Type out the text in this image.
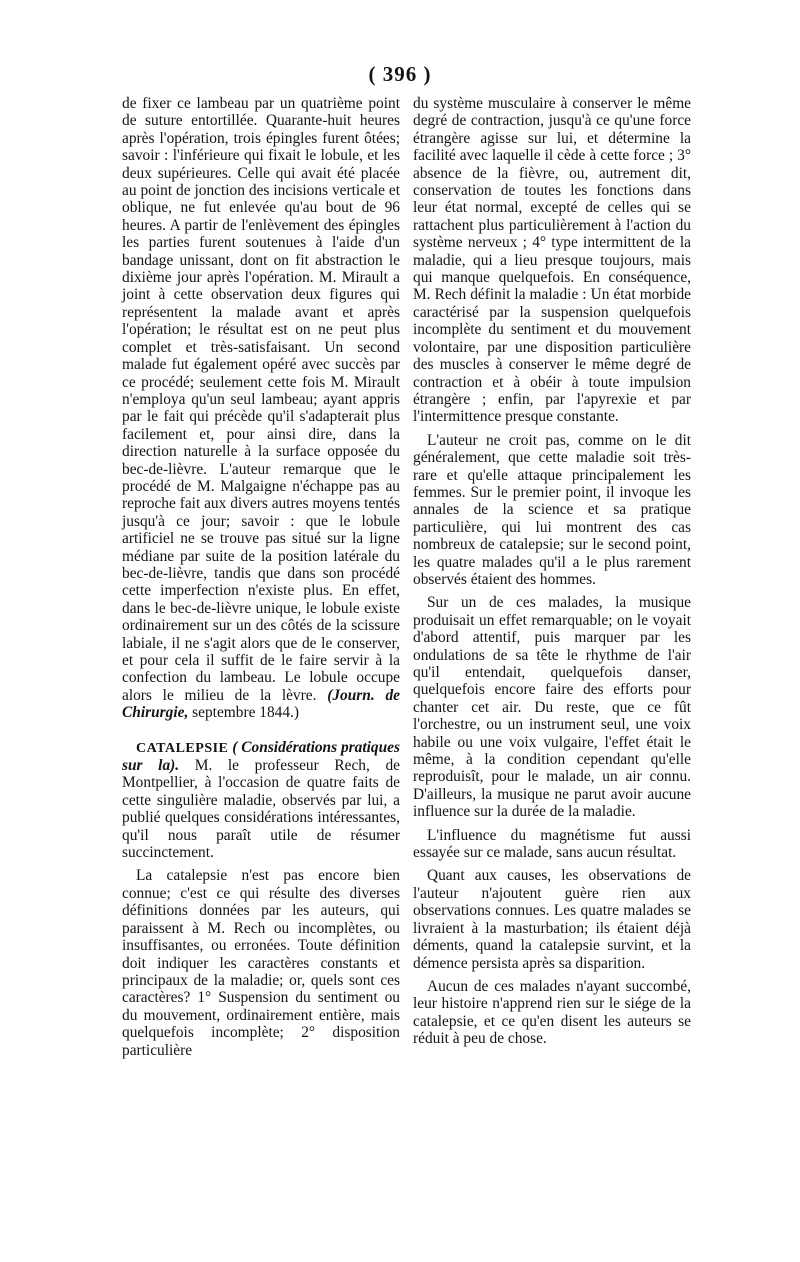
( 396 )

de fixer ce lambeau par un quatrième point de suture entortillée. Quarante-huit heures après l'opération, trois épingles furent ôtées; savoir : l'inférieure qui fixait le lobule, et les deux supérieures. Celle qui avait été placée au point de jonction des incisions verticale et oblique, ne fut enlevée qu'au bout de 96 heures. A partir de l'enlèvement des épingles les parties furent soutenues à l'aide d'un bandage unissant, dont on fit abstraction le dixième jour après l'opération. M. Mirault a joint à cette observation deux figures qui représentent la malade avant et après l'opération; le résultat est on ne peut plus complet et très-satisfaisant. Un second malade fut également opéré avec succès par ce procédé; seulement cette fois M. Mirault n'employa qu'un seul lambeau; ayant appris par le fait qui précède qu'il s'adapterait plus facilement et, pour ainsi dire, dans la direction naturelle à la surface opposée du bec-de-lièvre. L'auteur remarque que le procédé de M. Malgaigne n'échappe pas au reproche fait aux divers autres moyens tentés jusqu'à ce jour; savoir : que le lobule artificiel ne se trouve pas situé sur la ligne médiane par suite de la position latérale du bec-de-lièvre, tandis que dans son procédé cette imperfection n'existe plus. En effet, dans le bec-de-lièvre unique, le lobule existe ordinairement sur un des côtés de la scissure labiale, il ne s'agit alors que de le conserver, et pour cela il suffit de le faire servir à la confection du lambeau. Le lobule occupe alors le milieu de la lèvre. (Journ. de Chirurgie, septembre 1844.)

CATALEPSIE ( Considérations pratiques sur la). M. le professeur Rech, de Montpellier, à l'occasion de quatre faits de cette singulière maladie, observés par lui, a publié quelques considérations intéressantes, qu'il nous paraît utile de résumer succinctement.

La catalepsie n'est pas encore bien connue; c'est ce qui résulte des diverses définitions données par les auteurs, qui paraissent à M. Rech ou incomplètes, ou insuffisantes, ou erronées. Toute définition doit indiquer les caractères constants et principaux de la maladie; or, quels sont ces caractères? 1° Suspension du sentiment ou du mouvement, ordinairement entière, mais quelquefois incomplète; 2° disposition particulière

du système musculaire à conserver le même degré de contraction, jusqu'à ce qu'une force étrangère agisse sur lui, et détermine la facilité avec laquelle il cède à cette force ; 3° absence de la fièvre, ou, autrement dit, conservation de toutes les fonctions dans leur état normal, excepté de celles qui se rattachent plus particulièrement à l'action du système nerveux ; 4° type intermittent de la maladie, qui a lieu presque toujours, mais qui manque quelquefois. En conséquence, M. Rech définit la maladie : Un état morbide caractérisé par la suspension quelquefois incomplète du sentiment et du mouvement volontaire, par une disposition particulière des muscles à conserver le même degré de contraction et à obéir à toute impulsion étrangère ; enfin, par l'apyrexie et par l'intermittence presque constante.

L'auteur ne croit pas, comme on le dit généralement, que cette maladie soit très-rare et qu'elle attaque principalement les femmes. Sur le premier point, il invoque les annales de la science et sa pratique particulière, qui lui montrent des cas nombreux de catalepsie; sur le second point, les quatre malades qu'il a le plus rarement observés étaient des hommes.

Sur un de ces malades, la musique produisait un effet remarquable; on le voyait d'abord attentif, puis marquer par les ondulations de sa tête le rhythme de l'air qu'il entendait, quelquefois danser, quelquefois encore faire des efforts pour chanter cet air. Du reste, que ce fût l'orchestre, ou un instrument seul, une voix habile ou une voix vulgaire, l'effet était le même, à la condition cependant qu'elle reproduisît, pour le malade, un air connu. D'ailleurs, la musique ne parut avoir aucune influence sur la durée de la maladie.

L'influence du magnétisme fut aussi essayée sur ce malade, sans aucun résultat.

Quant aux causes, les observations de l'auteur n'ajoutent guère rien aux observations connues. Les quatre malades se livraient à la masturbation; ils étaient déjà déments, quand la catalepsie survint, et la démence persista après sa disparition.

Aucun de ces malades n'ayant succombé, leur histoire n'apprend rien sur le siége de la catalepsie, et ce qu'en disent les auteurs se réduit à peu de chose.
